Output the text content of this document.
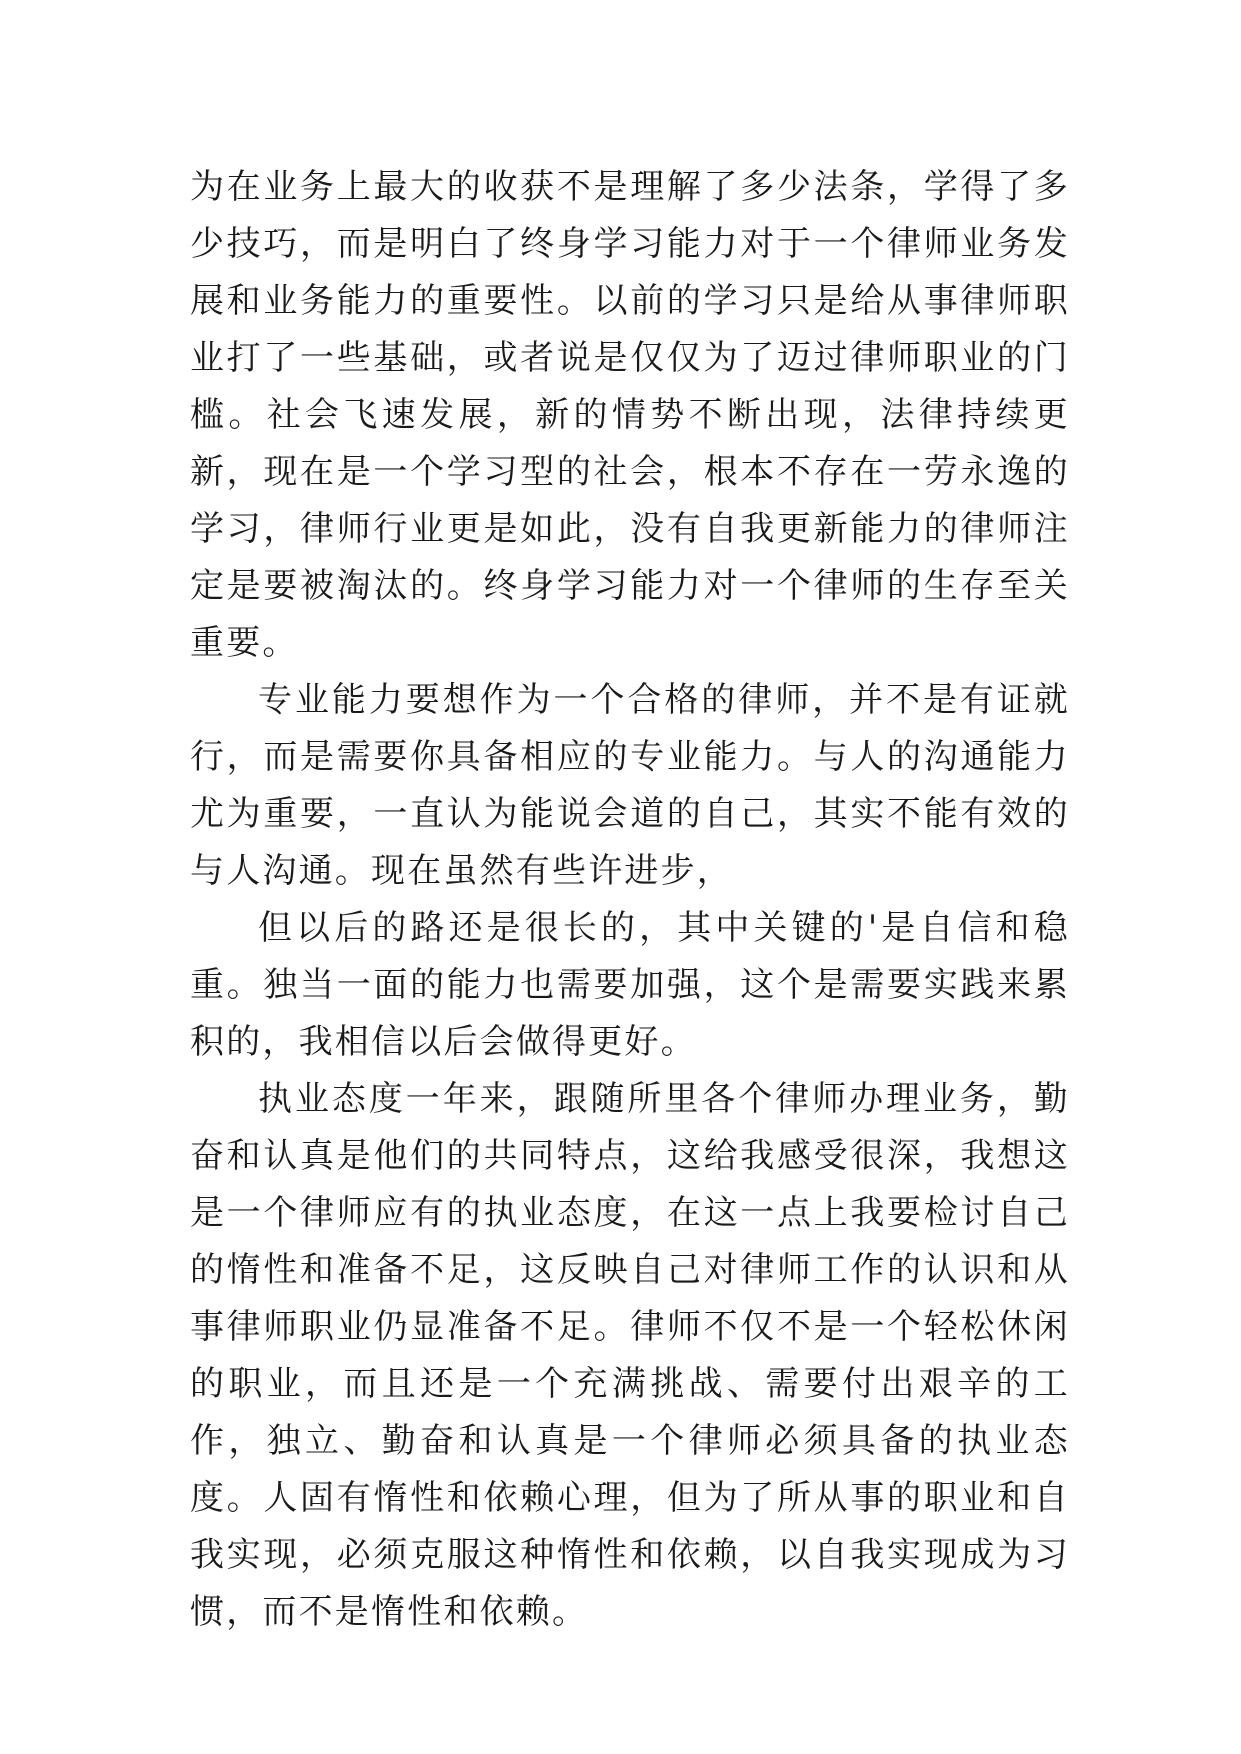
为在业务上最大的收获不是理解了多少法条，学得了多少技巧，而是明白了终身学习能力对于一个律师业务发展和业务能力的重要性。以前的学习只是给从事律师职业打了一些基础，或者说是仅仅为了迈过律师职业的门槛。社会飞速发展，新的情势不断出现，法律持续更新，现在是一个学习型的社会，根本不存在一劳永逸的学习，律师行业更是如此，没有自我更新能力的律师注定是要被淘汰的。终身学习能力对一个律师的生存至关重要。

专业能力要想作为一个合格的律师，并不是有证就行，而是需要你具备相应的专业能力。与人的沟通能力尤为重要，一直认为能说会道的自己，其实不能有效的与人沟通。现在虽然有些许进步，

但以后的路还是很长的，其中关键的'是自信和稳重。独当一面的能力也需要加强，这个是需要实践来累积的，我相信以后会做得更好。

执业态度一年来，跟随所里各个律师办理业务，勤奋和认真是他们的共同特点，这给我感受很深，我想这是一个律师应有的执业态度，在这一点上我要检讨自己的惰性和准备不足，这反映自己对律师工作的认识和从事律师职业仍显准备不足。律师不仅不是一个轻松休闲的职业，而且还是一个充满挑战、需要付出艰辛的工作，独立、勤奋和认真是一个律师必须具备的执业态度。人固有惰性和依赖心理，但为了所从事的职业和自我实现，必须克服这种惰性和依赖，以自我实现成为习惯，而不是惰性和依赖。
